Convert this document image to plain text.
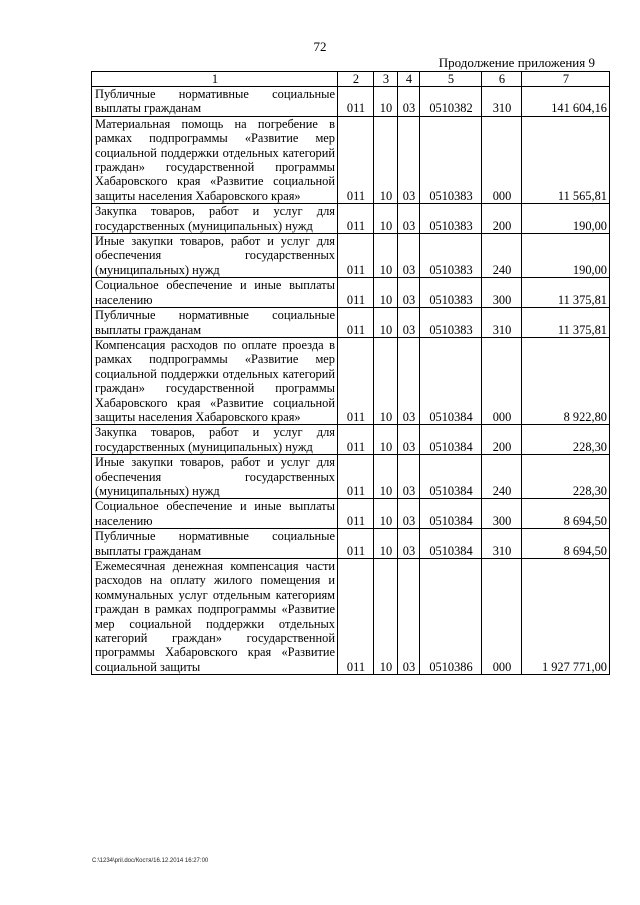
72
Продолжение приложения 9
1	2	3	4	5	6	7
Публичные нормативные социальные выплаты гражданам	011	10	03	0510382	310	141 604,16
Материальная помощь на погребение в рамках подпрограммы «Развитие мер социальной поддержки отдельных категорий граждан» государственной программы Хабаровского края «Развитие социальной защиты населения Хабаровского края»	011	10	03	0510383	000	11 565,81
Закупка товаров, работ и услуг для государственных (муниципальных) нужд	011	10	03	0510383	200	190,00
Иные закупки товаров, работ и услуг для обеспечения государственных (муниципальных) нужд	011	10	03	0510383	240	190,00
Социальное обеспечение и иные выплаты населению	011	10	03	0510383	300	11 375,81
Публичные нормативные социальные выплаты гражданам	011	10	03	0510383	310	11 375,81
Компенсация расходов по оплате проезда в рамках подпрограммы «Развитие мер социальной поддержки отдельных категорий граждан» государственной программы Хабаровского края «Развитие социальной защиты населения Хабаровского края»	011	10	03	0510384	000	8 922,80
Закупка товаров, работ и услуг для государственных (муниципальных) нужд	011	10	03	0510384	200	228,30
Иные закупки товаров, работ и услуг для обеспечения государственных (муниципальных) нужд	011	10	03	0510384	240	228,30
Социальное обеспечение и иные выплаты населению	011	10	03	0510384	300	8 694,50
Публичные нормативные социальные выплаты гражданам	011	10	03	0510384	310	8 694,50
Ежемесячная денежная компенсация части расходов на оплату жилого помещения и коммунальных услуг отдельным категориям граждан в рамках подпрограммы «Развитие мер социальной поддержки отдельных категорий граждан» государственной программы Хабаровского края «Развитие социальной защиты	011	10	03	0510386	000	1 927 771,00
C:\1234\pril.doc/Костя/16.12.2014 16:27:00
